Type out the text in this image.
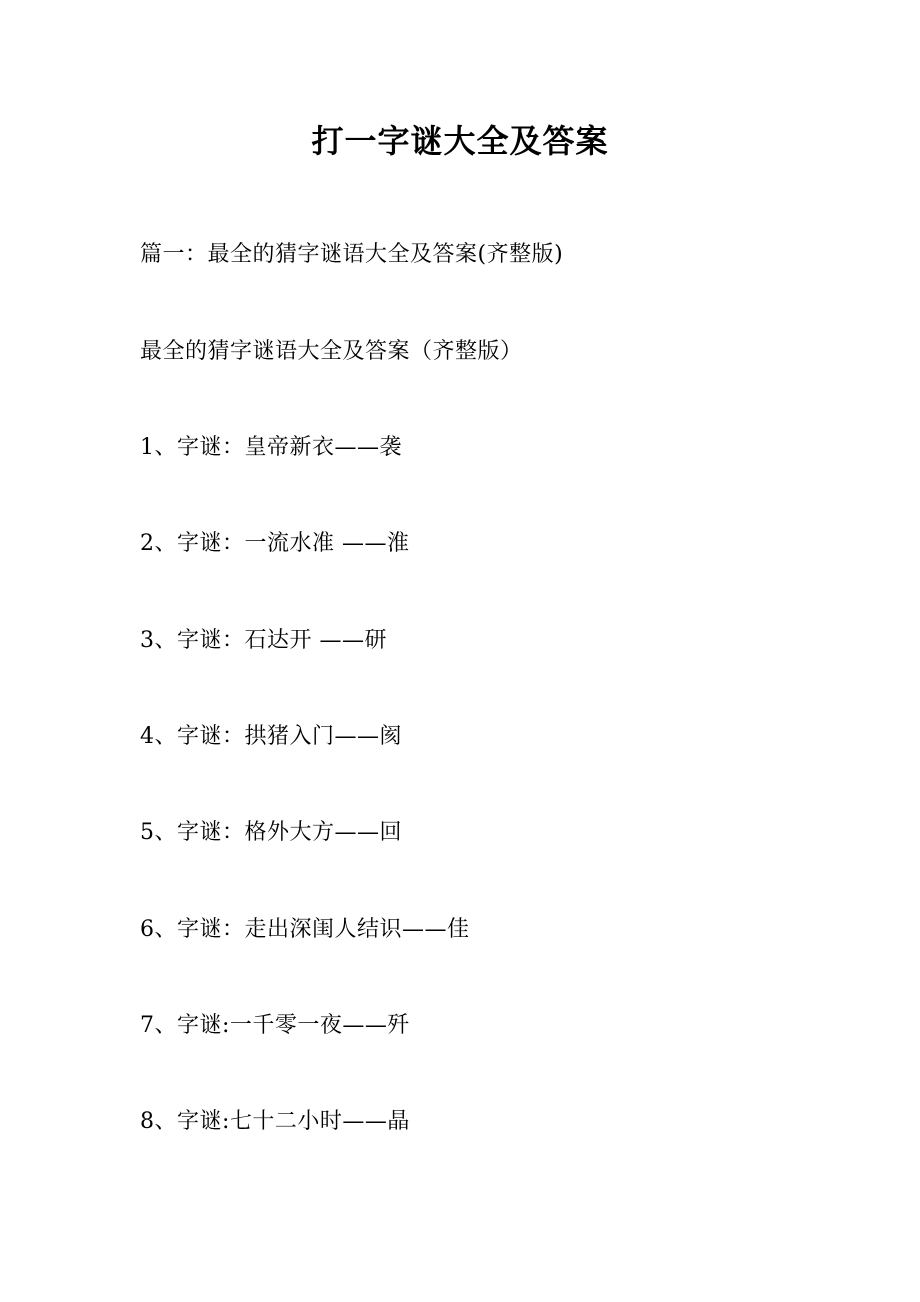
打一字谜大全及答案
篇一：最全的猜字谜语大全及答案(齐整版)
最全的猜字谜语大全及答案（齐整版）
1、字谜：皇帝新衣——袭
2、字谜：一流水准 ——淮
3、字谜：石达开 ——研
4、字谜：拱猪入门——阂
5、字谜：格外大方——回
6、字谜：走出深闺人结识——佳
7、字谜:一千零一夜——歼
8、字谜:七十二小时——晶
